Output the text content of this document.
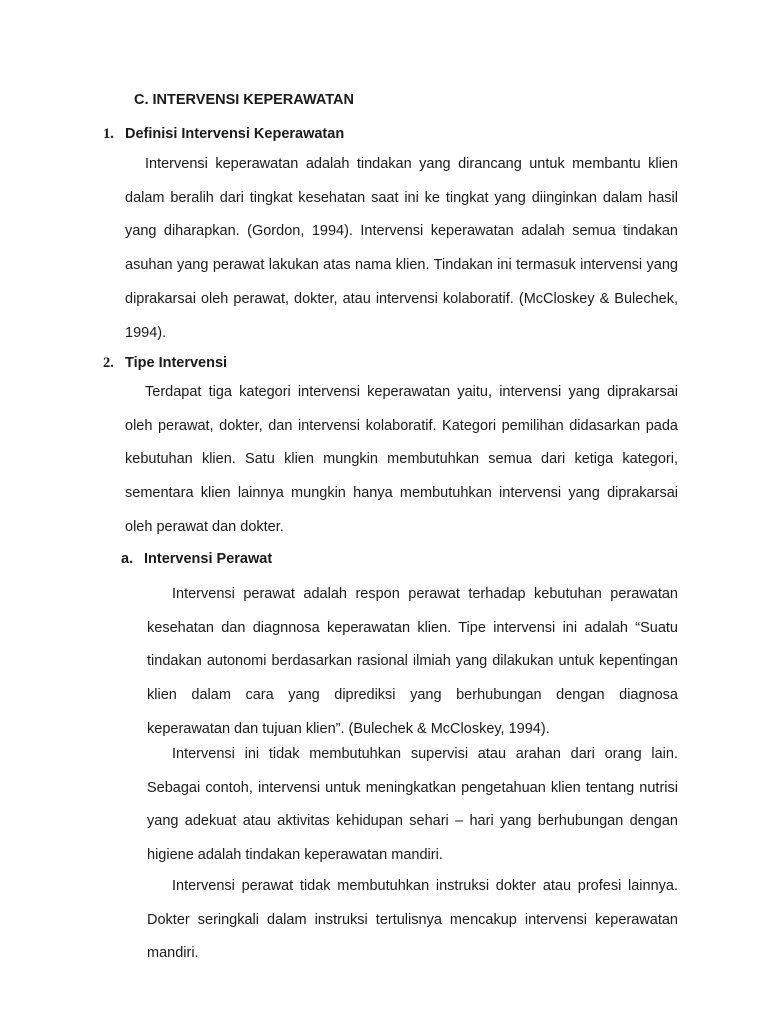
C. INTERVENSI KEPERAWATAN
1. Definisi Intervensi Keperawatan

Intervensi keperawatan adalah tindakan yang dirancang untuk membantu klien dalam beralih dari tingkat kesehatan saat ini ke tingkat yang diinginkan dalam hasil yang diharapkan. (Gordon, 1994). Intervensi keperawatan adalah semua tindakan asuhan yang perawat lakukan atas nama klien. Tindakan ini termasuk intervensi yang diprakarsai oleh perawat, dokter, atau intervensi kolaboratif. (McCloskey & Bulechek, 1994).

2. Tipe Intervensi

Terdapat tiga kategori intervensi keperawatan yaitu, intervensi yang diprakarsai oleh perawat, dokter, dan intervensi kolaboratif. Kategori pemilihan didasarkan pada kebutuhan klien. Satu klien mungkin membutuhkan semua dari ketiga kategori, sementara klien lainnya mungkin hanya membutuhkan intervensi yang diprakarsai oleh perawat dan dokter.

a. Intervensi Perawat

Intervensi perawat adalah respon perawat terhadap kebutuhan perawatan kesehatan dan diagnnosa keperawatan klien. Tipe intervensi ini adalah “Suatu tindakan autonomi berdasarkan rasional ilmiah yang dilakukan untuk kepentingan klien dalam cara yang diprediksi yang berhubungan dengan diagnosa keperawatan dan tujuan klien”. (Bulechek & McCloskey, 1994).

Intervensi ini tidak membutuhkan supervisi atau arahan dari orang lain. Sebagai contoh, intervensi untuk meningkatkan pengetahuan klien tentang nutrisi yang adekuat atau aktivitas kehidupan sehari – hari yang berhubungan dengan higiene adalah tindakan keperawatan mandiri.

Intervensi perawat tidak membutuhkan instruksi dokter atau profesi lainnya. Dokter seringkali dalam instruksi tertulisnya mencakup intervensi keperawatan mandiri.
